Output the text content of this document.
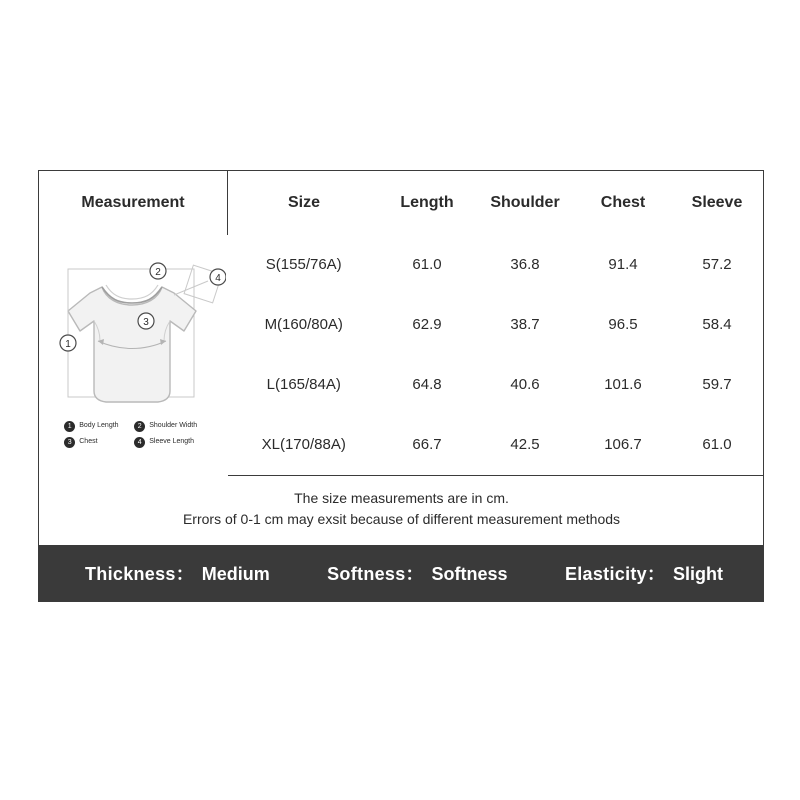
Measurement	Size	Length	Shoulder	Chest	Sleeve

2
4
3
1
1	Body Length	2	Shoulder Width
3	Chest	4	Sleeve Length
	S(155/76A)	61.0	36.8	91.4	57.2
	M(160/80A)	62.9	38.7	96.5	58.4
	L(165/84A)	64.8	40.6	101.6	59.7
	XL(170/88A)	66.7	42.5	106.7	61.0

The size measurements are in cm.
Errors of 0-1 cm may exsit because of different measurement methods					
Thickness ： Medium	Softness ： Softness	Elasticity ： Slight
